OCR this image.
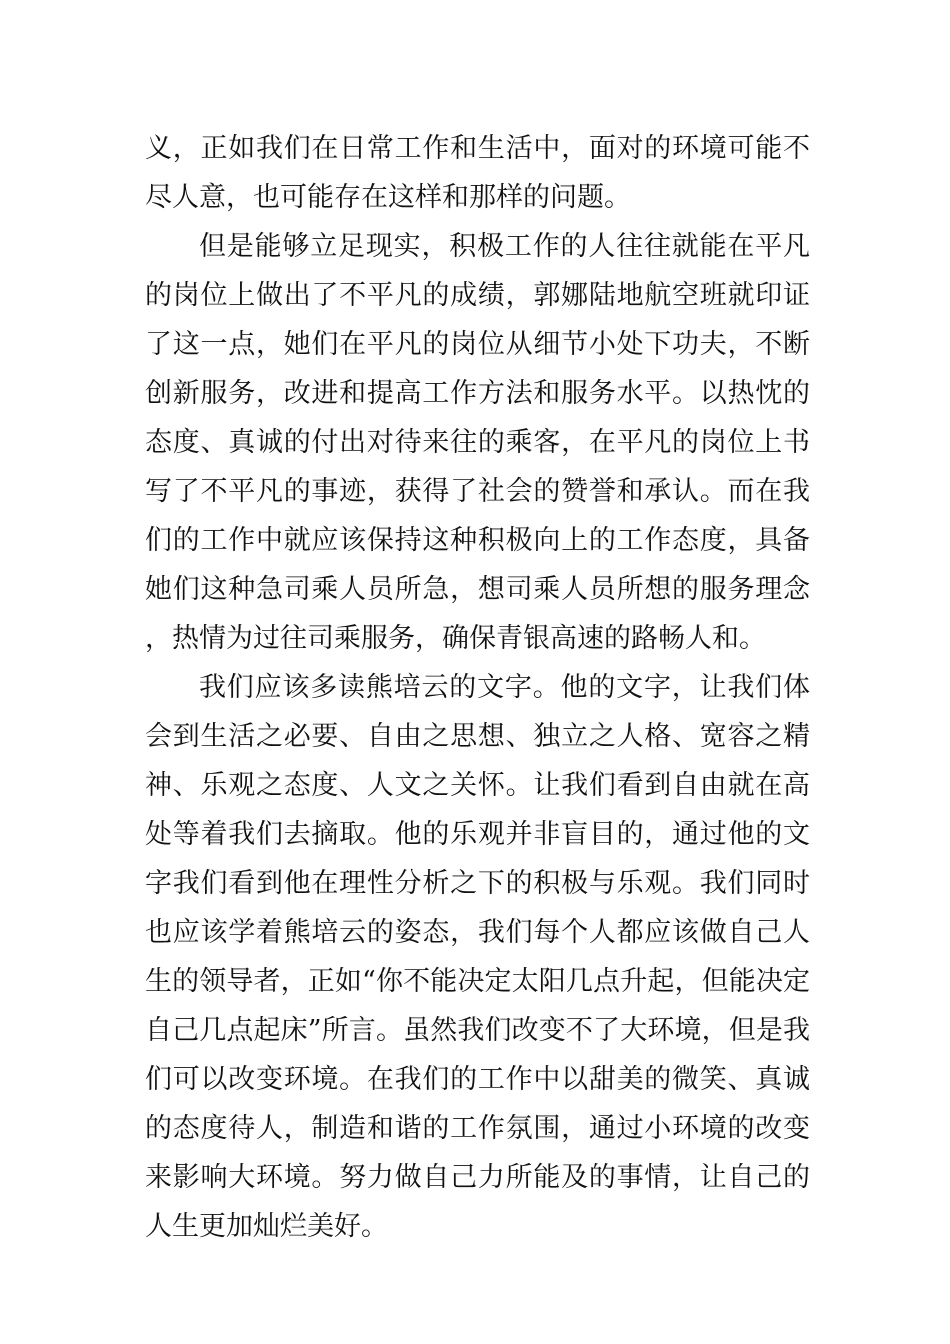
义，正如我们在日常工作和生活中，面对的环境可能不尽人意，也可能存在这样和那样的问题。

但是能够立足现实，积极工作的人往往就能在平凡的岗位上做出了不平凡的成绩，郭娜陆地航空班就印证了这一点，她们在平凡的岗位从细节小处下功夫，不断创新服务，改进和提高工作方法和服务水平。以热忱的态度、真诚的付出对待来往的乘客，在平凡的岗位上书写了不平凡的事迹，获得了社会的赞誉和承认。而在我们的工作中就应该保持这种积极向上的工作态度，具备她们这种急司乘人员所急，想司乘人员所想的服务理念，热情为过往司乘服务，确保青银高速的路畅人和。

我们应该多读熊培云的文字。他的文字，让我们体会到生活之必要、自由之思想、独立之人格、宽容之精神、乐观之态度、人文之关怀。让我们看到自由就在高处等着我们去摘取。他的乐观并非盲目的，通过他的文字我们看到他在理性分析之下的积极与乐观。我们同时也应该学着熊培云的姿态，我们每个人都应该做自己人生的领导者，正如“你不能决定太阳几点升起，但能决定自己几点起床”所言。虽然我们改变不了大环境，但是我们可以改变环境。在我们的工作中以甜美的微笑、真诚的态度待人，制造和谐的工作氛围，通过小环境的改变来影响大环境。努力做自己力所能及的事情，让自己的人生更加灿烂美好。
